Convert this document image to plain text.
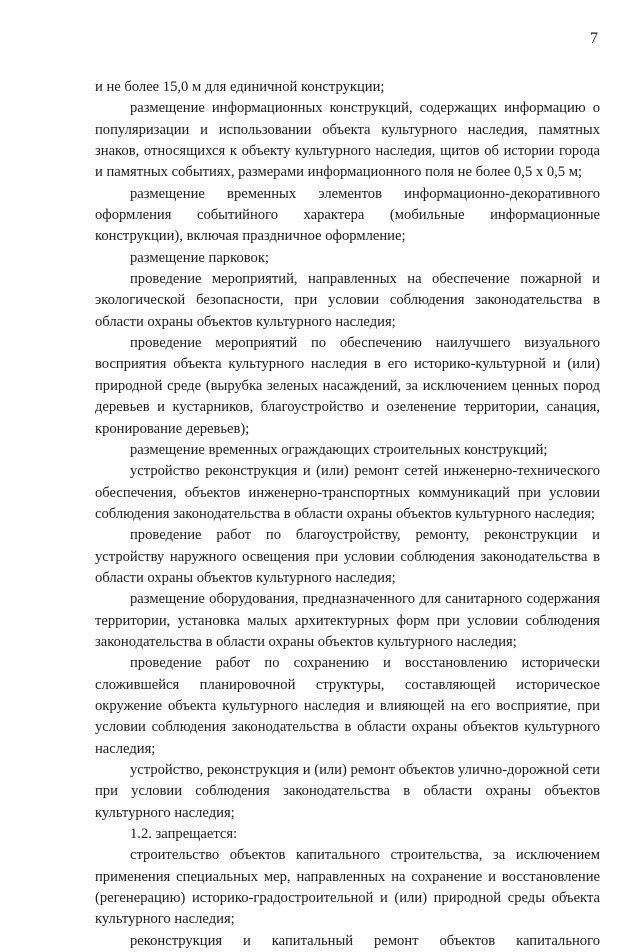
7

и не более 15,0 м для единичной конструкции;

размещение информационных конструкций, содержащих информацию о популяризации и использовании объекта культурного наследия, памятных знаков, относящихся к объекту культурного наследия, щитов об истории города и памятных событиях, размерами информационного поля не более 0,5 х 0,5 м;

размещение временных элементов информационно-декоративного оформления событийного характера (мобильные информационные конструкции), включая праздничное оформление;

размещение парковок;

проведение мероприятий, направленных на обеспечение пожарной и экологической безопасности, при условии соблюдения законодательства в области охраны объектов культурного наследия;

проведение мероприятий по обеспечению наилучшего визуального восприятия объекта культурного наследия в его историко-культурной и (или) природной среде (вырубка зеленых насаждений, за исключением ценных пород деревьев и кустарников, благоустройство и озеленение территории, санация, кронирование деревьев);

размещение временных ограждающих строительных конструкций;

устройство реконструкция и (или) ремонт сетей инженерно-технического обеспечения, объектов инженерно-транспортных коммуникаций при условии соблюдения законодательства в области охраны объектов культурного наследия;

проведение работ по благоустройству, ремонту, реконструкции и устройству наружного освещения при условии соблюдения законодательства в области охраны объектов культурного наследия;

размещение оборудования, предназначенного для санитарного содержания территории, установка малых архитектурных форм при условии соблюдения законодательства в области охраны объектов культурного наследия;

проведение работ по сохранению и восстановлению исторически сложившейся планировочной структуры, составляющей историческое окружение объекта культурного наследия и влияющей на его восприятие, при условии соблюдения законодательства в области охраны объектов культурного наследия;

устройство, реконструкция и (или) ремонт объектов улично-дорожной сети при условии соблюдения законодательства в области охраны объектов культурного наследия;

1.2. запрещается:

строительство объектов капитального строительства, за исключением применения специальных мер, направленных на сохранение и восстановление (регенерацию) историко-градостроительной и (или) природной среды объекта культурного наследия;

реконструкция и капитальный ремонт объектов капитального
